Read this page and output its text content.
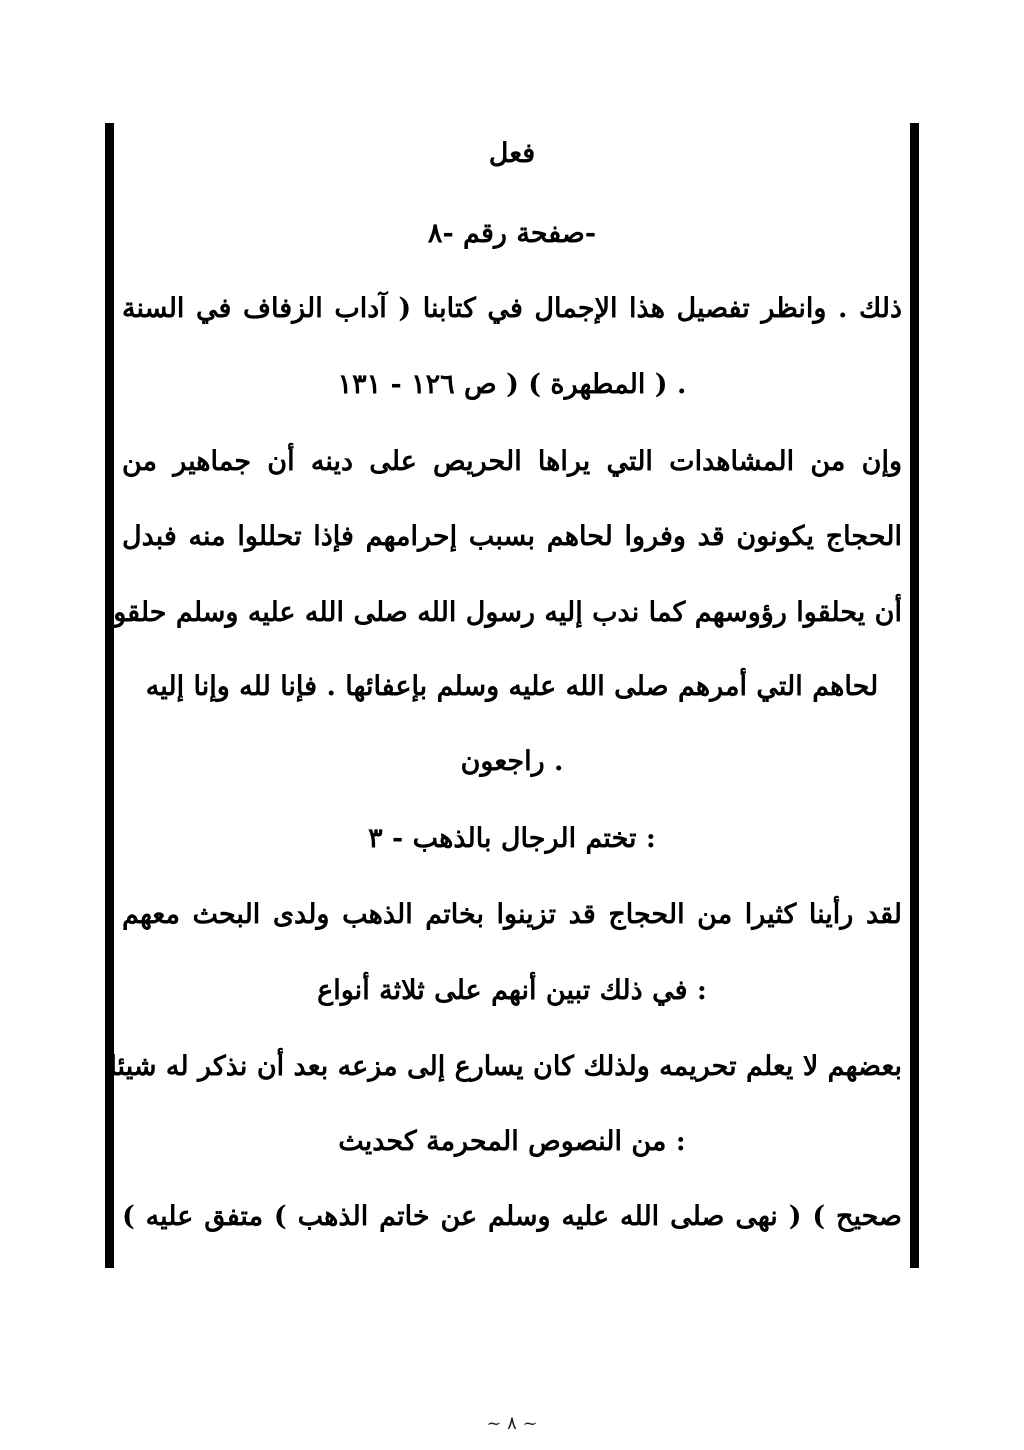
فعل
-صفحة رقم -٨
ذلك . وانظر تفصيل هذا الإجمال في كتابنا ( آداب الزفاف في السنة
. ( المطهرة ) ( ص ١٢٦ - ١٣١
وإن من المشاهدات التي يراها الحريص على دينه أن جماهير من
الحجاج يكونون قد وفروا لحاهم بسبب إحرامهم فإذا تحللوا منه فبدل
أن يحلقوا رؤوسهم كما ندب إليه رسول الله صلى الله عليه وسلم حلقوا
لحاهم التي أمرهم صلى الله عليه وسلم بإعفائها . فإنا لله وإنا إليه
. راجعون
: تختم الرجال بالذهب - ٣
لقد رأينا كثيرا من الحجاج قد تزينوا بخاتم الذهب ولدى البحث معهم
: في ذلك تبين أنهم على ثلاثة أنواع
بعضهم لا يعلم تحريمه ولذلك كان يسارع إلى مزعه بعد أن نذكر له شيئا
: من النصوص المحرمة كحديث
صحيح ) ( نهى صلى الله عليه وسلم عن خاتم الذهب ) متفق عليه )
~ ٨ ~
